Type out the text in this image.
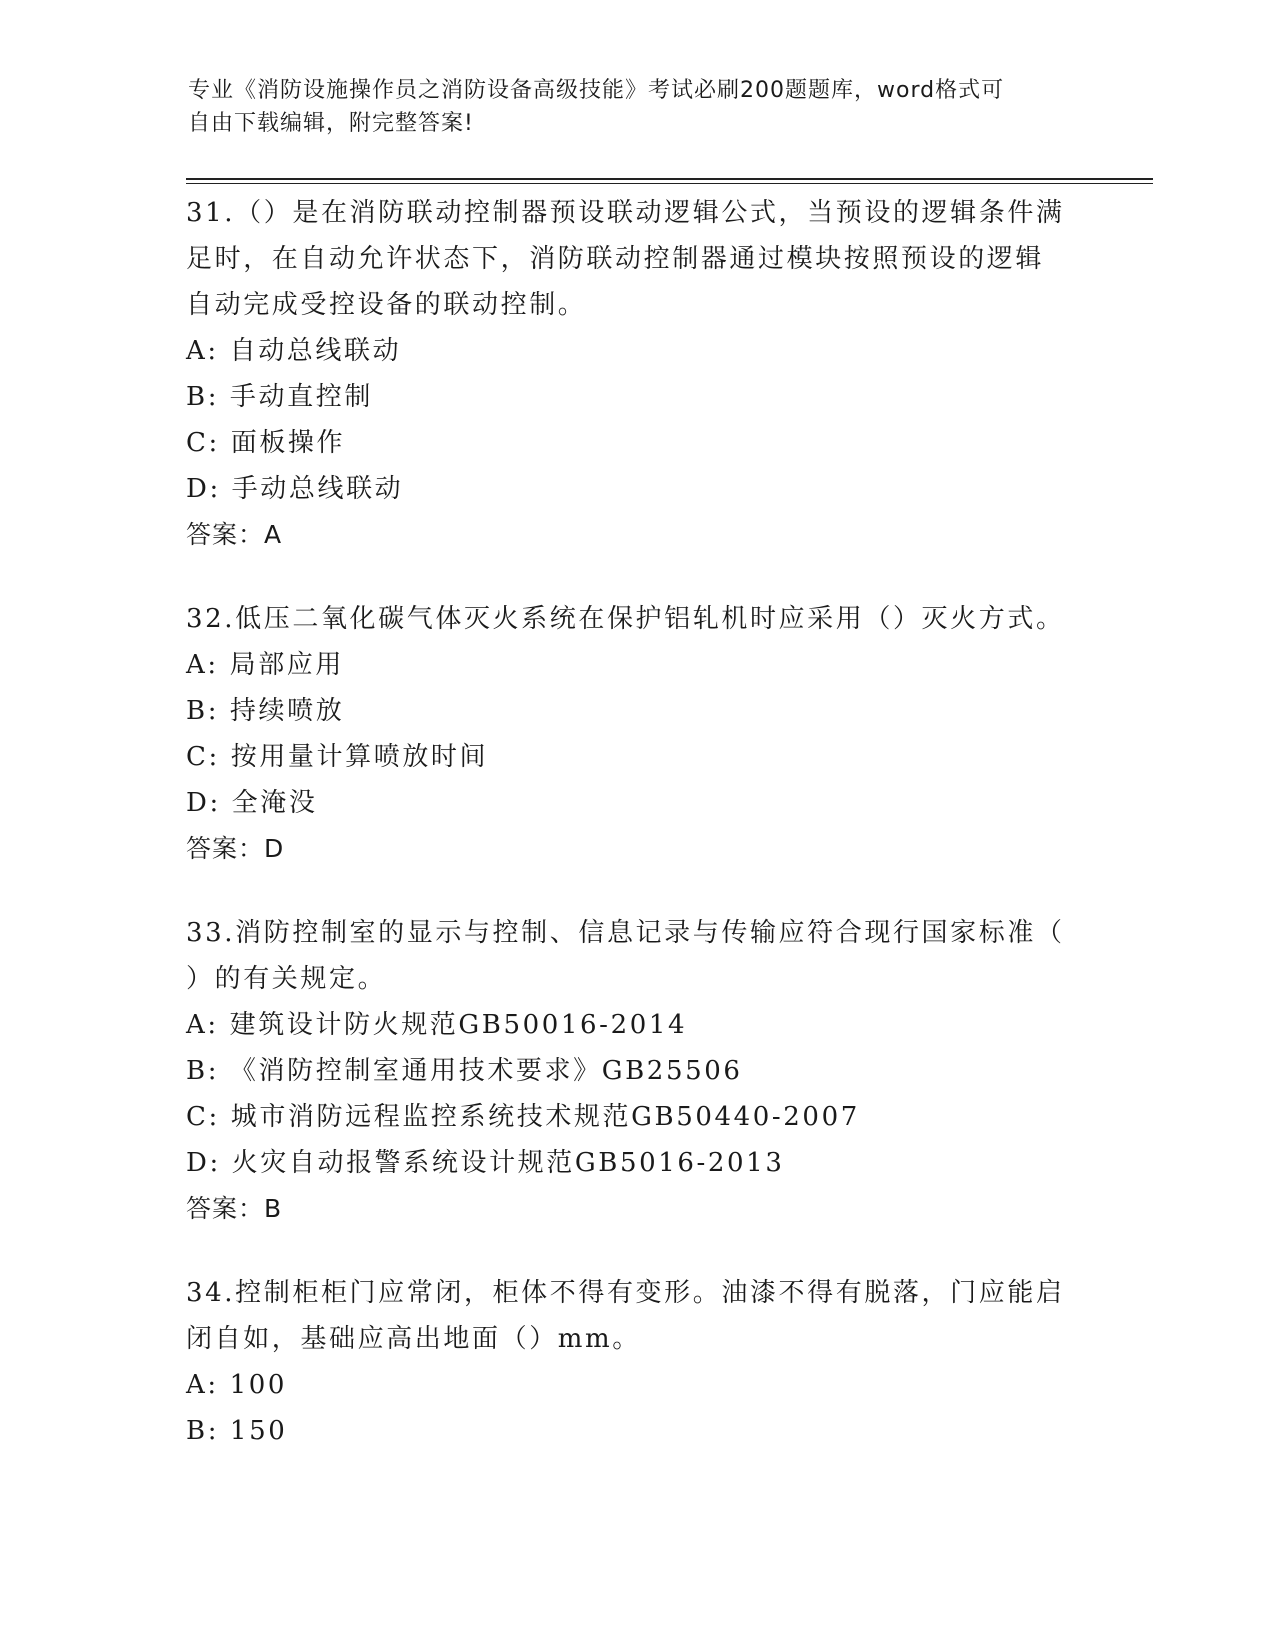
专业《消防设施操作员之消防设备高级技能》考试必刷200题题库，word格式可
自由下载编辑，附完整答案!
31.（）是在消防联动控制器预设联动逻辑公式，当预设的逻辑条件满
足时，在自动允许状态下，消防联动控制器通过模块按照预设的逻辑
自动完成受控设备的联动控制。
A: 自动总线联动
B: 手动直控制
C: 面板操作
D: 手动总线联动
答案：A
32.低压二氧化碳气体灭火系统在保护铝轧机时应采用（）灭火方式。
A: 局部应用
B: 持续喷放
C: 按用量计算喷放时间
D: 全淹没
答案：D
33.消防控制室的显示与控制、信息记录与传输应符合现行国家标准（
）的有关规定。
A: 建筑设计防火规范GB50016-2014
B: 《消防控制室通用技术要求》GB25506
C: 城市消防远程监控系统技术规范GB50440-2007
D: 火灾自动报警系统设计规范GB5016-2013
答案：B
34.控制柜柜门应常闭，柜体不得有变形。油漆不得有脱落，门应能启
闭自如，基础应高出地面（）mm。
A: 100
B: 150
